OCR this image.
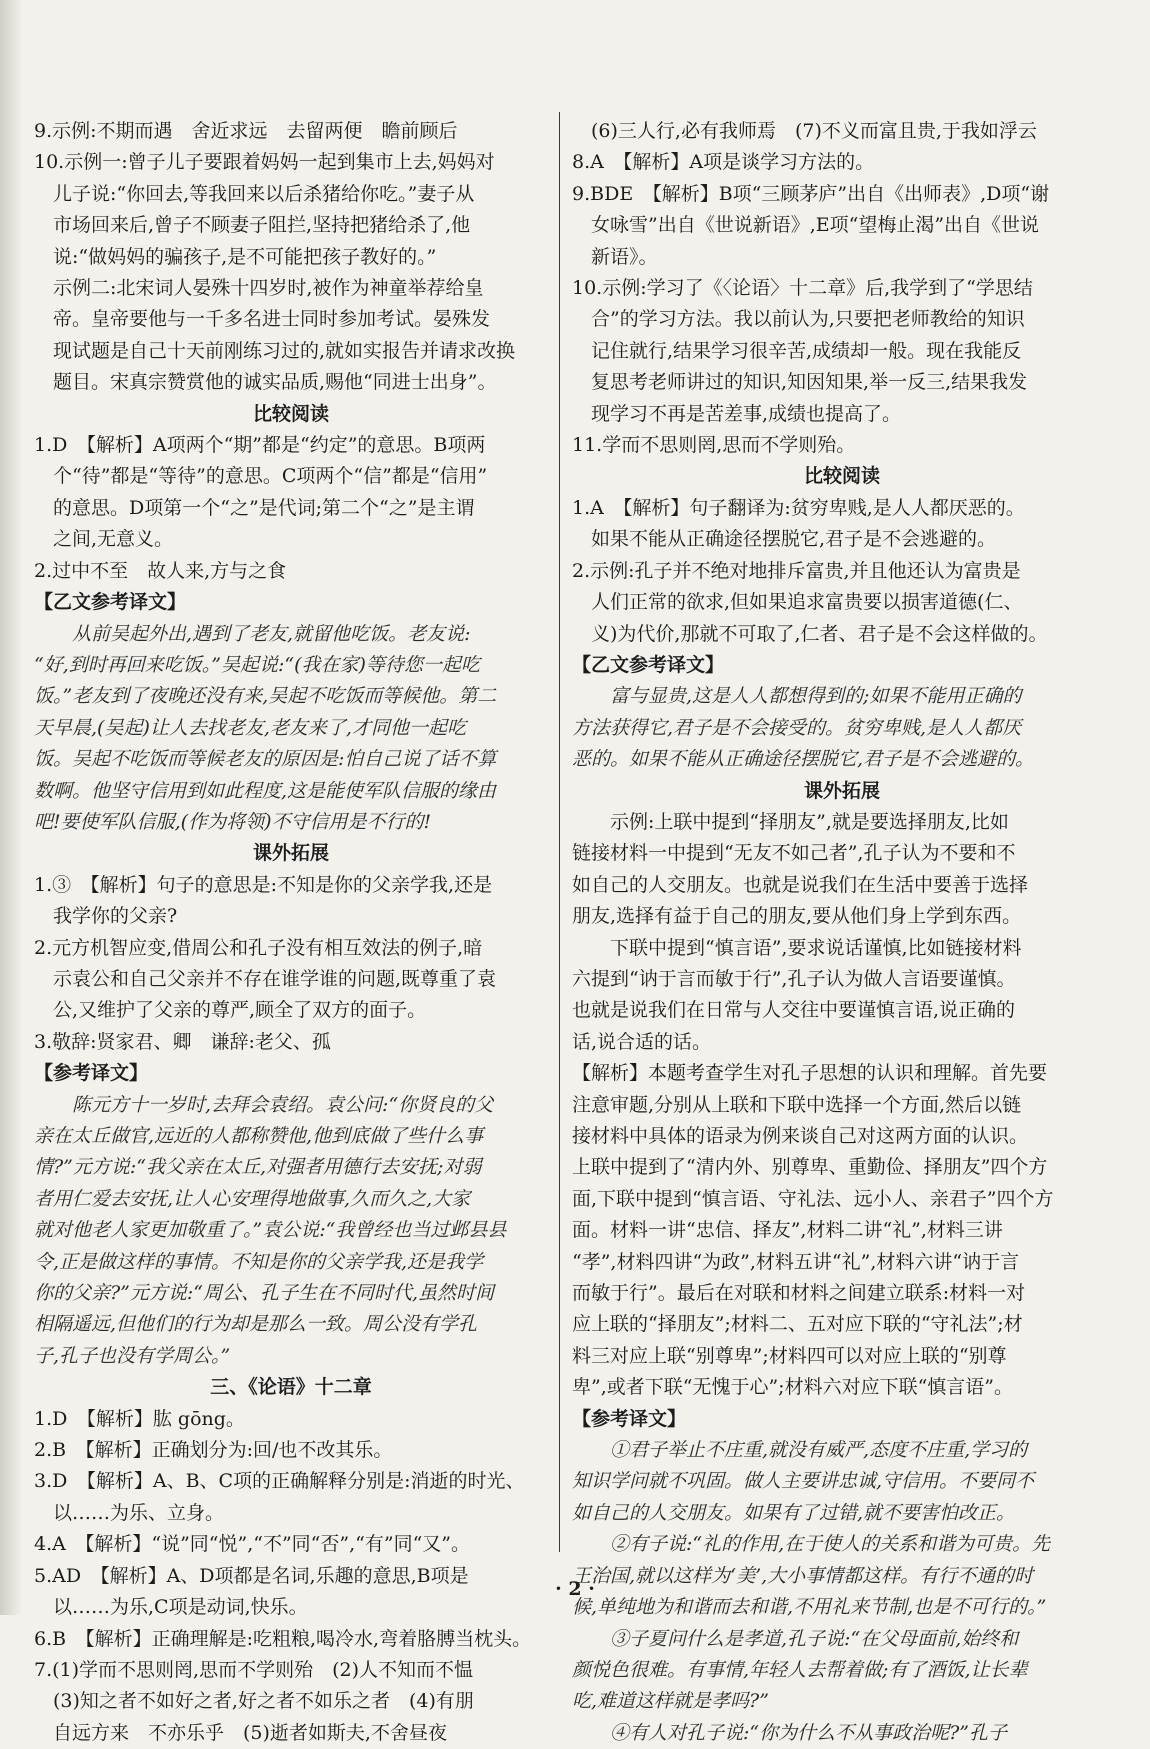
9.示例:不期而遇　舍近求远　去留两便　瞻前顾后
10.示例一:曾子儿子要跟着妈妈一起到集市上去,妈妈对
儿子说:“你回去,等我回来以后杀猪给你吃。”妻子从
市场回来后,曾子不顾妻子阻拦,坚持把猪给杀了,他
说:“做妈妈的骗孩子,是不可能把孩子教好的。”
示例二:北宋词人晏殊十四岁时,被作为神童举荐给皇
帝。皇帝要他与一千多名进士同时参加考试。晏殊发
现试题是自己十天前刚练习过的,就如实报告并请求改换
题目。宋真宗赞赏他的诚实品质,赐他“同进士出身”。
比较阅读
1.D　【解析】A项两个“期”都是“约定”的意思。B项两
个“待”都是“等待”的意思。C项两个“信”都是“信用”
的意思。D项第一个“之”是代词;第二个“之”是主谓
之间,无意义。
2.过中不至　故人来,方与之食
【乙文参考译文】
从前吴起外出,遇到了老友,就留他吃饭。老友说:
“好,到时再回来吃饭。”吴起说:“(我在家)等待您一起吃
饭。”老友到了夜晚还没有来,吴起不吃饭而等候他。第二
天早晨,(吴起)让人去找老友,老友来了,才同他一起吃
饭。吴起不吃饭而等候老友的原因是:怕自己说了话不算
数啊。他坚守信用到如此程度,这是能使军队信服的缘由
吧!要使军队信服,(作为将领)不守信用是不行的!
课外拓展
1.③　【解析】句子的意思是:不知是你的父亲学我,还是
我学你的父亲?
2.元方机智应变,借周公和孔子没有相互效法的例子,暗
示袁公和自己父亲并不存在谁学谁的问题,既尊重了袁
公,又维护了父亲的尊严,顾全了双方的面子。
3.敬辞:贤家君、卿　谦辞:老父、孤
【参考译文】
陈元方十一岁时,去拜会袁绍。袁公问:“你贤良的父
亲在太丘做官,远近的人都称赞他,他到底做了些什么事
情?”元方说:“我父亲在太丘,对强者用德行去安抚;对弱
者用仁爱去安抚,让人心安理得地做事,久而久之,大家
就对他老人家更加敬重了。”袁公说:“我曾经也当过邺县县
令,正是做这样的事情。不知是你的父亲学我,还是我学
你的父亲?”元方说:“周公、孔子生在不同时代,虽然时间
相隔遥远,但他们的行为却是那么一致。周公没有学孔
子,孔子也没有学周公。”
三、《论语》十二章
1.D　【解析】肱 gōng。
2.B　【解析】正确划分为:回/也不改其乐。
3.D　【解析】A、B、C项的正确解释分别是:消逝的时光、
以……为乐、立身。
4.A　【解析】“说”同“悦”,“不”同“否”,“有”同“又”。
5.AD　【解析】A、D项都是名词,乐趣的意思,B项是
以……为乐,C项是动词,快乐。
6.B　【解析】正确理解是:吃粗粮,喝冷水,弯着胳膊当枕头。
7.(1)学而不思则罔,思而不学则殆　(2)人不知而不愠
(3)知之者不如好之者,好之者不如乐之者　(4)有朋
自远方来　不亦乐乎　(5)逝者如斯夫,不舍昼夜
(6)三人行,必有我师焉　(7)不义而富且贵,于我如浮云
8.A　【解析】A项是谈学习方法的。
9.BDE　【解析】B项“三顾茅庐”出自《出师表》,D项“谢
女咏雪”出自《世说新语》,E项“望梅止渴”出自《世说
新语》。
10.示例:学习了《〈论语〉十二章》后,我学到了“学思结
合”的学习方法。我以前认为,只要把老师教给的知识
记住就行,结果学习很辛苦,成绩却一般。现在我能反
复思考老师讲过的知识,知因知果,举一反三,结果我发
现学习不再是苦差事,成绩也提高了。
11.学而不思则罔,思而不学则殆。
比较阅读
1.A　【解析】句子翻译为:贫穷卑贱,是人人都厌恶的。
如果不能从正确途径摆脱它,君子是不会逃避的。
2.示例:孔子并不绝对地排斥富贵,并且他还认为富贵是
人们正常的欲求,但如果追求富贵要以损害道德(仁、
义)为代价,那就不可取了,仁者、君子是不会这样做的。
【乙文参考译文】
富与显贵,这是人人都想得到的;如果不能用正确的
方法获得它,君子是不会接受的。贫穷卑贱,是人人都厌
恶的。如果不能从正确途径摆脱它,君子是不会逃避的。
课外拓展
示例:上联中提到“择朋友”,就是要选择朋友,比如
链接材料一中提到“无友不如己者”,孔子认为不要和不
如自己的人交朋友。也就是说我们在生活中要善于选择
朋友,选择有益于自己的朋友,要从他们身上学到东西。
下联中提到“慎言语”,要求说话谨慎,比如链接材料
六提到“讷于言而敏于行”,孔子认为做人言语要谨慎。
也就是说我们在日常与人交往中要谨慎言语,说正确的
话,说合适的话。
【解析】本题考查学生对孔子思想的认识和理解。首先要
注意审题,分别从上联和下联中选择一个方面,然后以链
接材料中具体的语录为例来谈自己对这两方面的认识。
上联中提到了“清内外、别尊卑、重勤俭、择朋友”四个方
面,下联中提到“慎言语、守礼法、远小人、亲君子”四个方
面。材料一讲“忠信、择友”,材料二讲“礼”,材料三讲
“孝”,材料四讲“为政”,材料五讲“礼”,材料六讲“讷于言
而敏于行”。最后在对联和材料之间建立联系:材料一对
应上联的“择朋友”;材料二、五对应下联的“守礼法”;材
料三对应上联“别尊卑”;材料四可以对应上联的“别尊
卑”,或者下联“无愧于心”;材料六对应下联“慎言语”。
【参考译文】
①君子举止不庄重,就没有威严,态度不庄重,学习的
知识学问就不巩固。做人主要讲忠诚,守信用。不要同不
如自己的人交朋友。如果有了过错,就不要害怕改正。
②有子说:“礼的作用,在于使人的关系和谐为可贵。先
王治国,就以这样为‘美’,大小事情都这样。有行不通的时
候,单纯地为和谐而去和谐,不用礼来节制,也是不可行的。”
③子夏问什么是孝道,孔子说:“在父母面前,始终和
颜悦色很难。有事情,年轻人去帮着做;有了酒饭,让长辈
吃,难道这样就是孝吗?”
④有人对孔子说:“你为什么不从事政治呢?”孔子
· 2 ·
